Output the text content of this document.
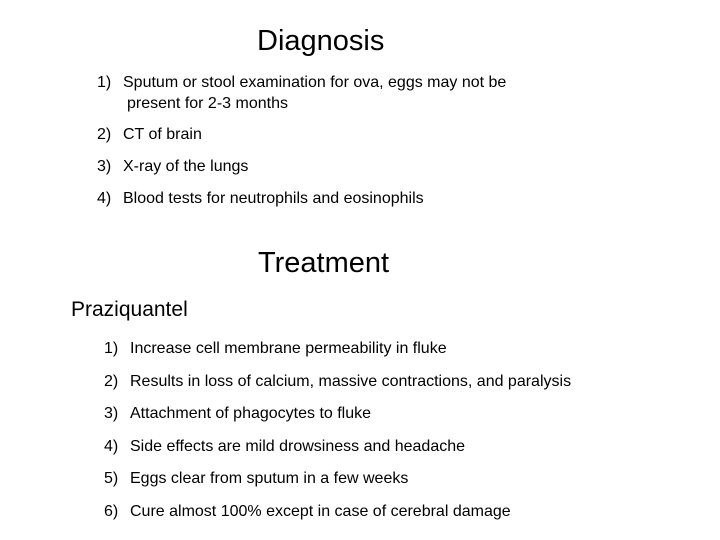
Diagnosis
1) Sputum or stool examination for ova, eggs may not be
present for 2-3 months
2) CT of brain
3) X-ray of the lungs
4) Blood tests for neutrophils and eosinophils
Treatment
Praziquantel
1) Increase cell membrane permeability in fluke
2) Results in loss of calcium, massive contractions, and paralysis
3) Attachment of phagocytes to fluke
4) Side effects are mild drowsiness and headache
5) Eggs clear from sputum in a few weeks
6) Cure almost 100% except in case of cerebral damage
